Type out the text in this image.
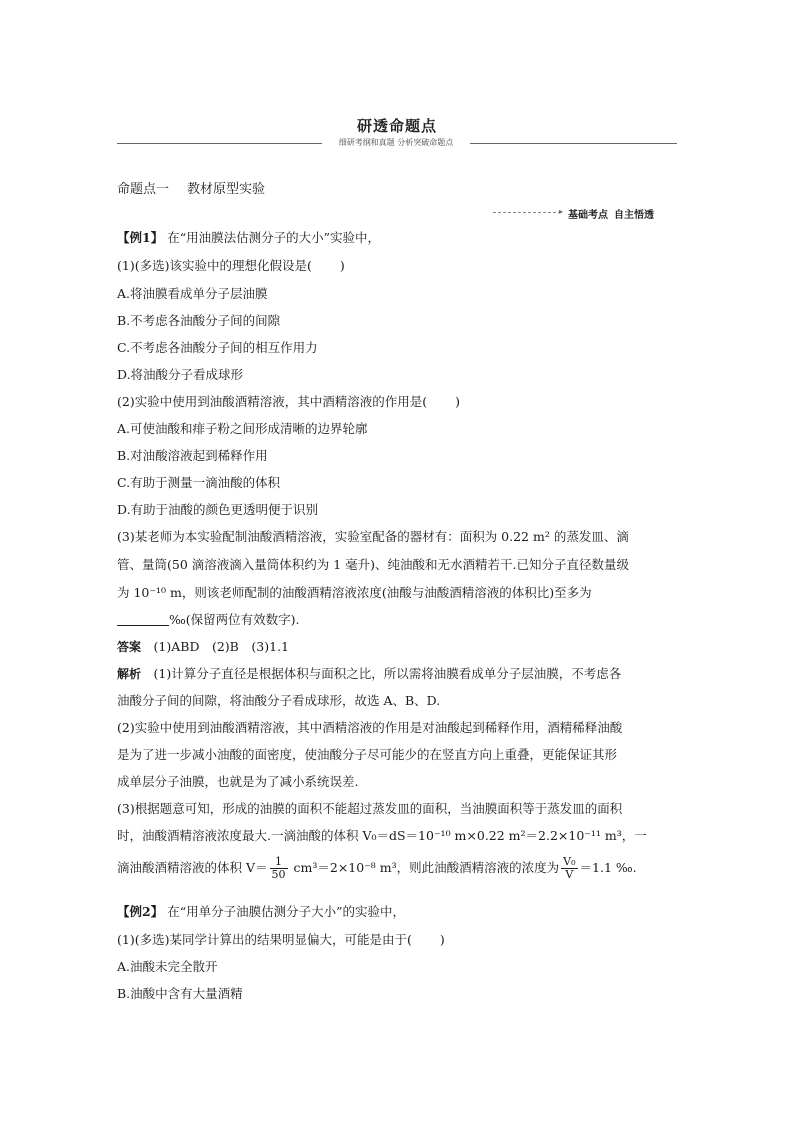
研透命题点
细研考纲和真题 分析突破命题点
命题点一 教材原型实验
▸ 基础考点 自主悟透
【例1】 在“用油膜法估测分子的大小”实验中，
(1)(多选)该实验中的理想化假设是( )
A.将油膜看成单分子层油膜
B.不考虑各油酸分子间的间隙
C.不考虑各油酸分子间的相互作用力
D.将油酸分子看成球形
(2)实验中使用到油酸酒精溶液，其中酒精溶液的作用是( )
A.可使油酸和痱子粉之间形成清晰的边界轮廓
B.对油酸溶液起到稀释作用
C.有助于测量一滴油酸的体积
D.有助于油酸的颜色更透明便于识别
(3)某老师为本实验配制油酸酒精溶液，实验室配备的器材有：面积为 0.22 m² 的蒸发皿、滴
管、量筒(50 滴溶液滴入量筒体积约为 1 毫升)、纯油酸和无水酒精若干.已知分子直径数量级
为 10⁻¹⁰ m，则该老师配制的油酸酒精溶液浓度(油酸与油酸酒精溶液的体积比)至多为
‰(保留两位有效数字).
答案　 (1)ABD　(2)B　(3)1.1
解析　 (1)计算分子直径是根据体积与面积之比，所以需将油膜看成单分子层油膜，不考虑各
油酸分子间的间隙，将油酸分子看成球形，故选 A、B、D.
(2)实验中使用到油酸酒精溶液，其中酒精溶液的作用是对油酸起到稀释作用，酒精稀释油酸
是为了进一步减小油酸的面密度，使油酸分子尽可能少的在竖直方向上重叠，更能保证其形
成单层分子油膜，也就是为了减小系统误差.
(3)根据题意可知，形成的油膜的面积不能超过蒸发皿的面积，当油膜面积等于蒸发皿的面积
时，油酸酒精溶液浓度最大.一滴油酸的体积 V₀＝dS＝10⁻¹⁰ m×0.22 m²＝2.2×10⁻¹¹ m³，一
滴油酸酒精溶液的体积 $V= \frac{1}{50} cm^3=2\times 10^{-8}$ m³，则此油酸酒精溶液的浓度为 $\frac{\text{V₀}}{V} =1.1$ ‰.
【例2】 在“用单分子油膜估测分子大小”的实验中，
(1)(多选)某同学计算出的结果明显偏大，可能是由于( )
A.油酸未完全散开
B.油酸中含有大量酒精
